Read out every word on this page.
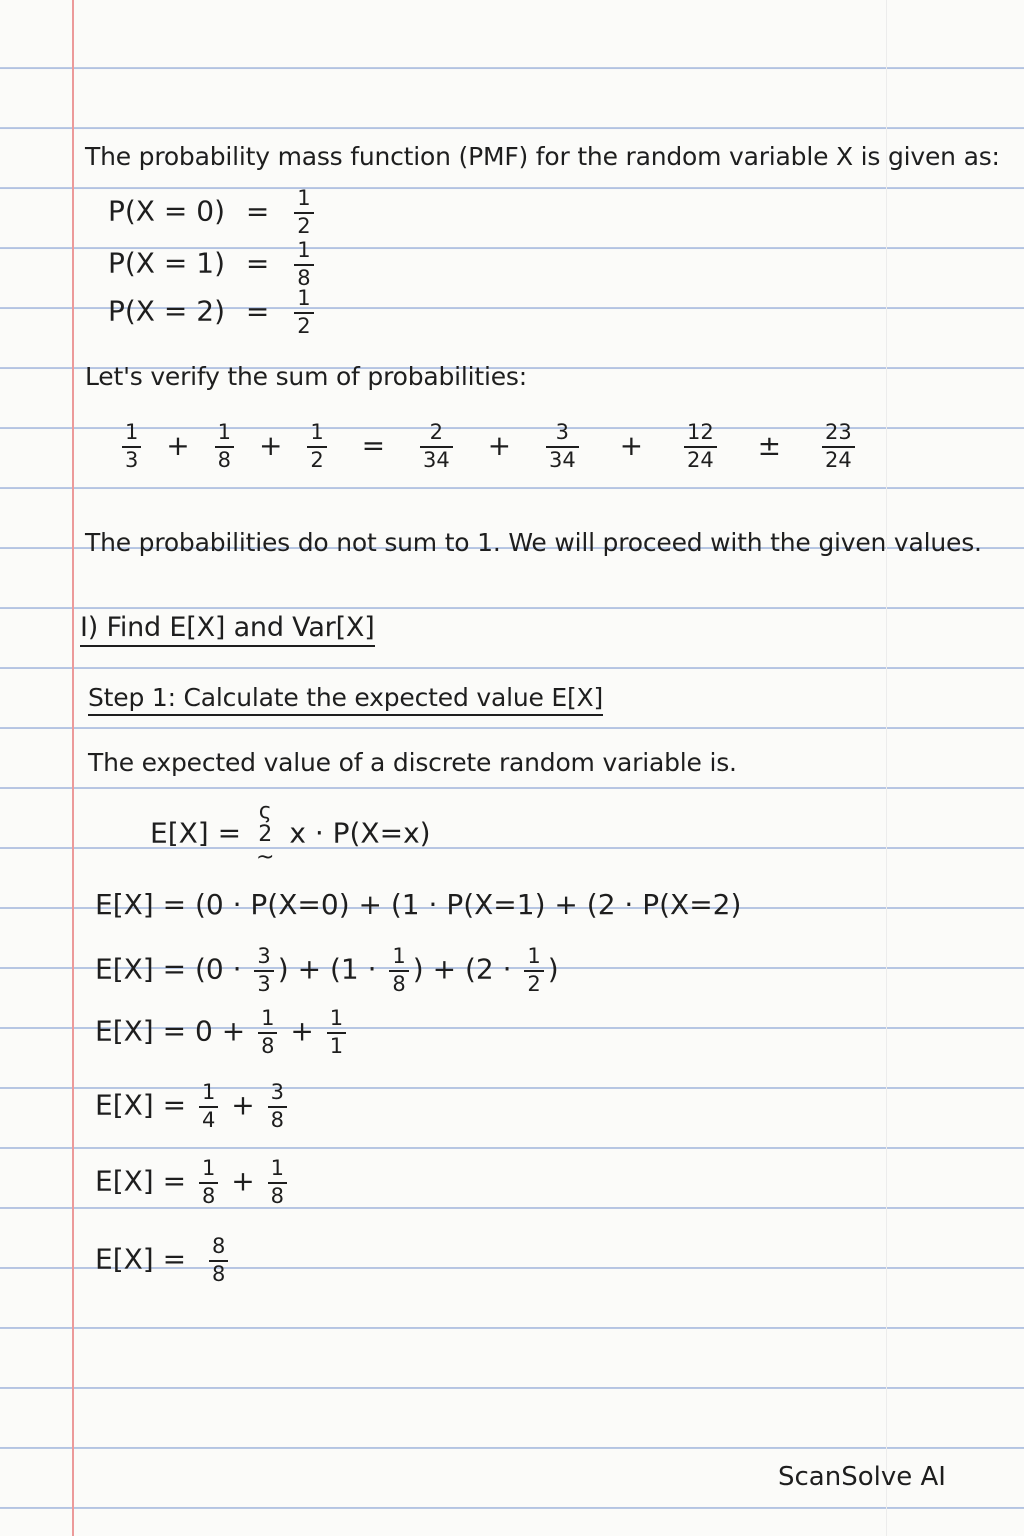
The probability mass function (PMF) for the random variable X is given as:
$P(X = 0) = \frac{1}{2}$
$P(X = 1) = \frac{1}{8}$
$P(X = 2) = \frac{1}{2}$
Let's verify the sum of probabilities:
$\frac{1}{3} + \frac{1}{8} + \frac{1}{2} = \frac{2}{34} + \frac{3}{34} + \frac{12}{24} \pm \frac{23}{24}$
The probabilities do not sum to 1. We will proceed with the given values.
I) Find E[X] and Var[X]
Step 1: Calculate the expected value E[X]
The expected value of a discrete random variable is.
E[X] =
ς
2
~
x · P(X=x)
E[X] = (0 · P(X=0) + (1 · P(X=1) + (2 · P(X=2)
$E[X] = (0 \cdot \frac{3}{3}$ ) + ($1 \cdot \frac{1}{8}$ ) + ($2 \cdot \frac{1}{2}$ )
$E[X] = 0 + \frac{1}{8} + \frac{1}{1}$
$E[X] = \frac{1}{4} + \frac{3}{8}$
$E[X] = \frac{1}{8} + \frac{1}{8}$
$E[X] = \frac{8}{8}$
ScanSolve AI
